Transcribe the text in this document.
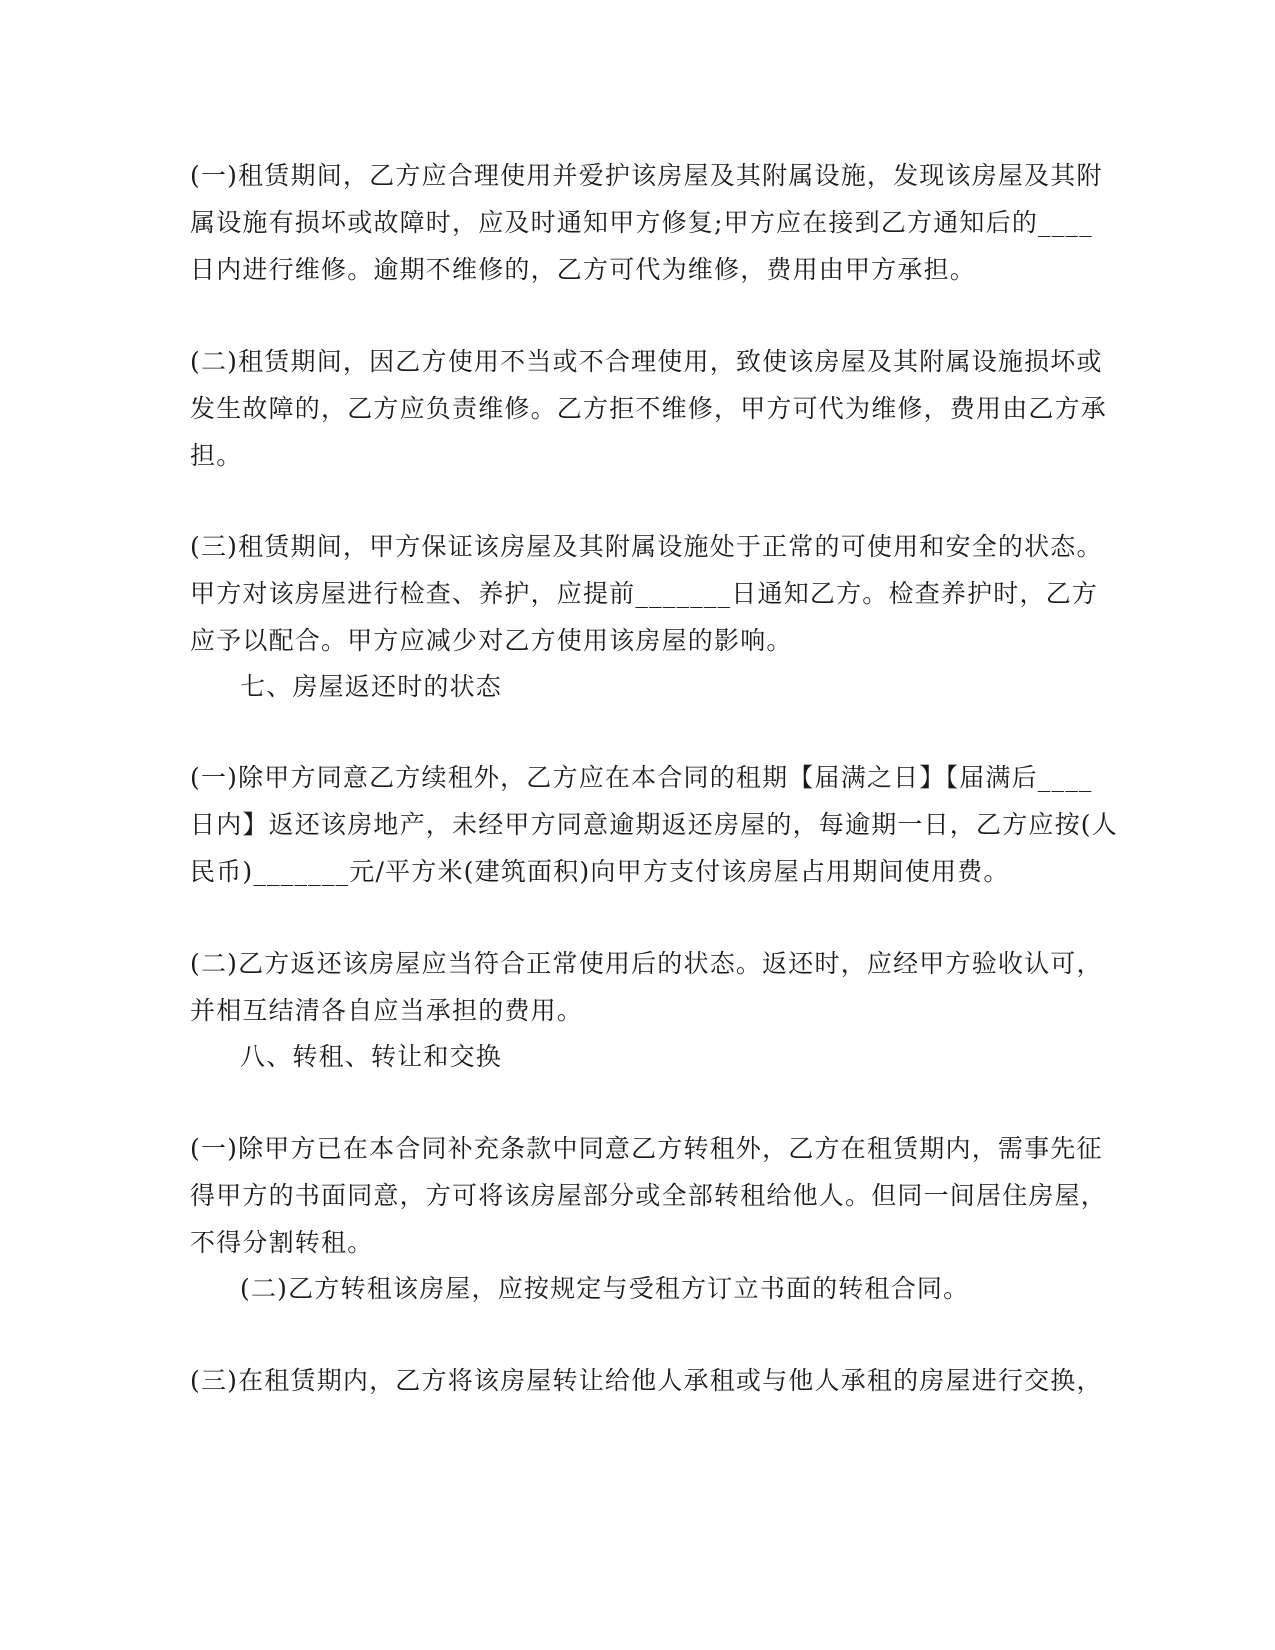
(一)租赁期间，乙方应合理使用并爱护该房屋及其附属设施，发现该房屋及其附
属设施有损坏或故障时，应及时通知甲方修复;甲方应在接到乙方通知后的____
日内进行维修。逾期不维修的，乙方可代为维修，费用由甲方承担。

(二)租赁期间，因乙方使用不当或不合理使用，致使该房屋及其附属设施损坏或
发生故障的，乙方应负责维修。乙方拒不维修，甲方可代为维修，费用由乙方承
担。

(三)租赁期间，甲方保证该房屋及其附属设施处于正常的可使用和安全的状态。
甲方对该房屋进行检查、养护，应提前_______日通知乙方。检查养护时，乙方
应予以配合。甲方应减少对乙方使用该房屋的影响。

七、房屋返还时的状态

(一)除甲方同意乙方续租外，乙方应在本合同的租期【届满之日】【届满后____
日内】返还该房地产，未经甲方同意逾期返还房屋的，每逾期一日，乙方应按(人
民币)_______元/平方米(建筑面积)向甲方支付该房屋占用期间使用费。

(二)乙方返还该房屋应当符合正常使用后的状态。返还时，应经甲方验收认可，
并相互结清各自应当承担的费用。

八、转租、转让和交换

(一)除甲方已在本合同补充条款中同意乙方转租外，乙方在租赁期内，需事先征
得甲方的书面同意，方可将该房屋部分或全部转租给他人。但同一间居住房屋，
不得分割转租。

(二)乙方转租该房屋，应按规定与受租方订立书面的转租合同。

(三)在租赁期内，乙方将该房屋转让给他人承租或与他人承租的房屋进行交换，
